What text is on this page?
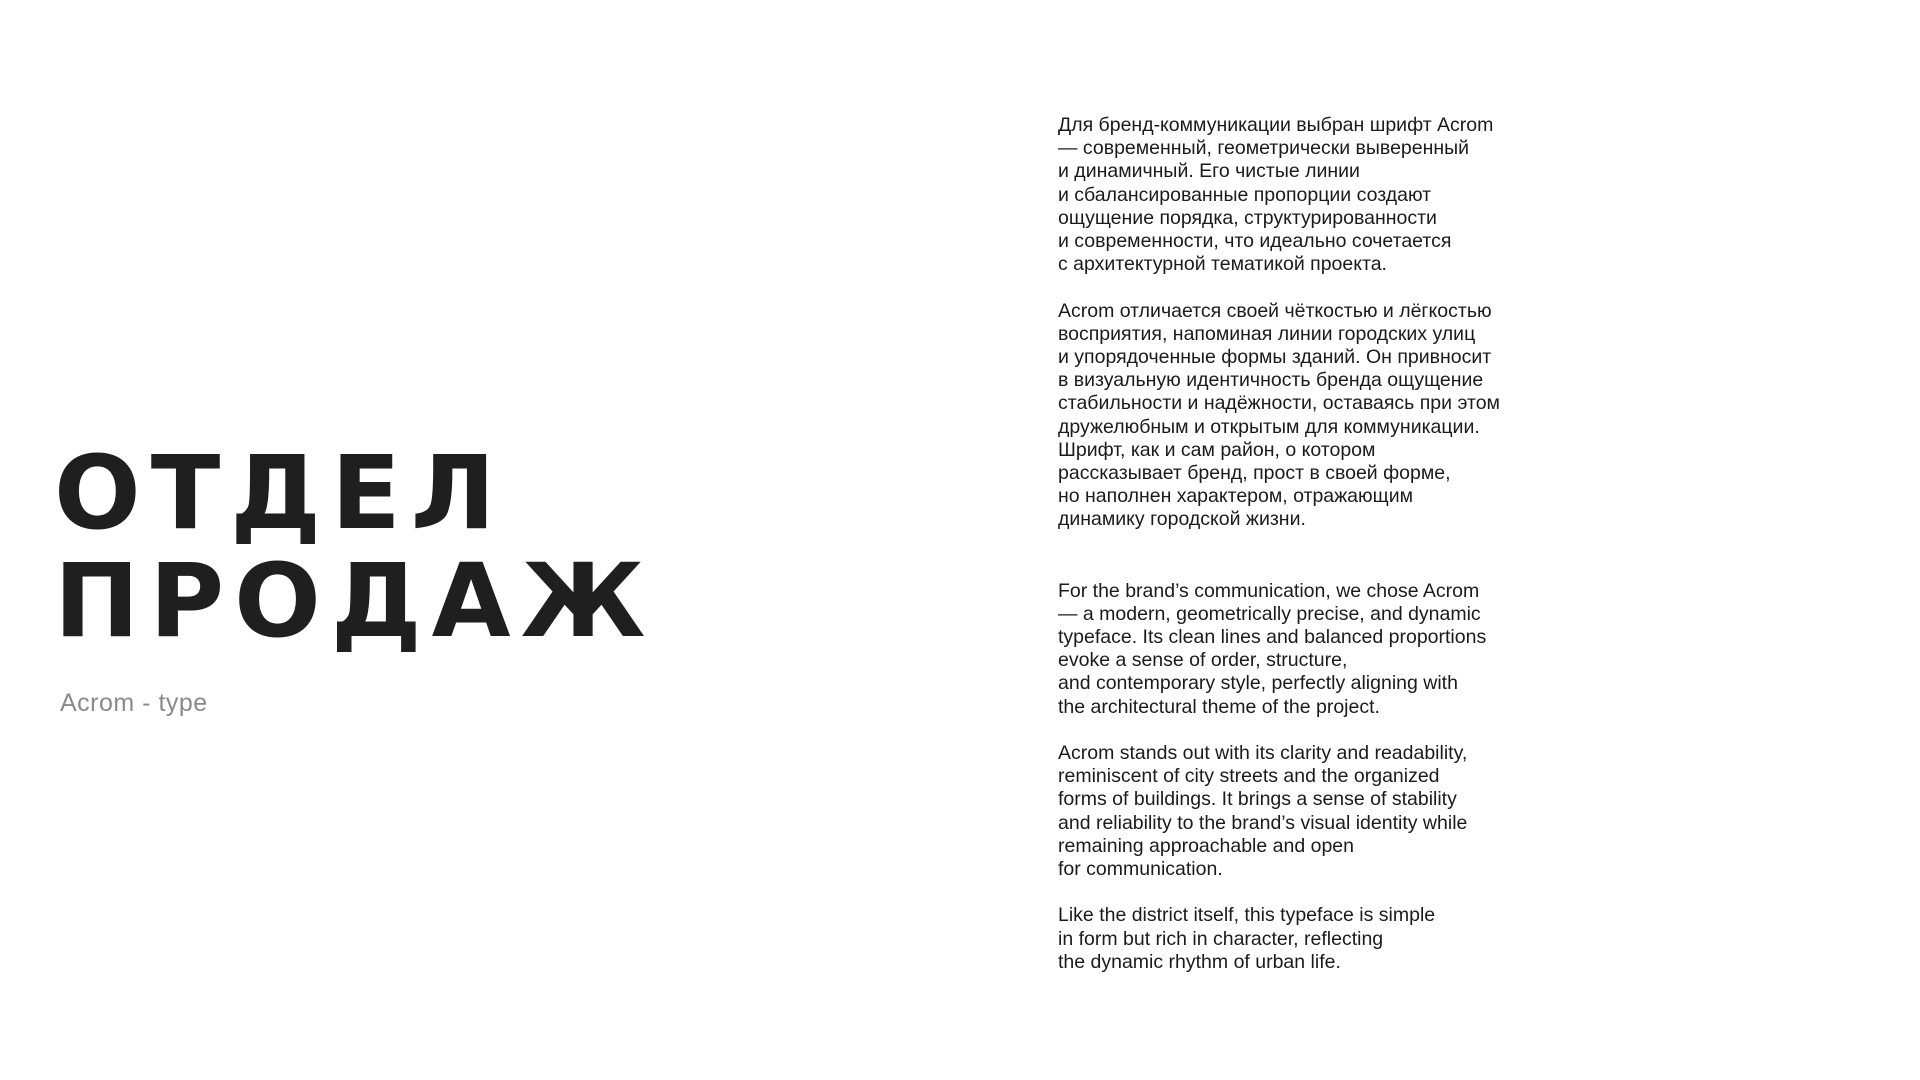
ОТДЕЛ
ПРОДАЖ
Acrom - type

Для бренд-коммуникации выбран шрифт Acrom
— современный, геометрически выверенный
и динамичный. Его чистые линии
и сбалансированные пропорции создают
ощущение порядка, структурированности
и современности, что идеально сочетается
с архитектурной тематикой проекта.

Acrom отличается своей чёткостью и лёгкостью
восприятия, напоминая линии городских улиц
и упорядоченные формы зданий. Он привносит
в визуальную идентичность бренда ощущение
стабильности и надёжности, оставаясь при этом
дружелюбным и открытым для коммуникации.
Шрифт, как и сам район, о котором
рассказывает бренд, прост в своей форме,
но наполнен характером, отражающим
динамику городской жизни.

For the brand’s communication, we chose Acrom
— a modern, geometrically precise, and dynamic
typeface. Its clean lines and balanced proportions
evoke a sense of order, structure,
and contemporary style, perfectly aligning with
the architectural theme of the project.

Acrom stands out with its clarity and readability,
reminiscent of city streets and the organized
forms of buildings. It brings a sense of stability
and reliability to the brand’s visual identity while
remaining approachable and open
for communication.

Like the district itself, this typeface is simple
in form but rich in character, reflecting
the dynamic rhythm of urban life.
